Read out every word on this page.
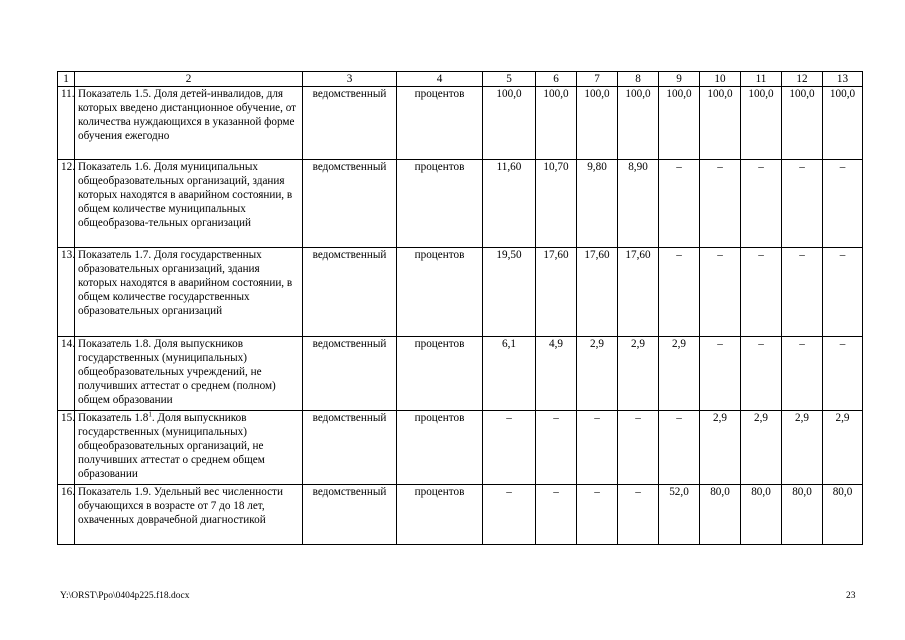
1	2	3	4	5	6	7	8	9	10	11	12	13
11.	Показатель 1.5. Доля детей-инвалидов, для которых введено дистанционное обучение, от количества нуждающихся в указанной форме обучения ежегодно	ведомственный	процентов	100,0	100,0	100,0	100,0	100,0	100,0	100,0	100,0	100,0
12.	Показатель 1.6. Доля муниципальных общеобразовательных организаций, здания которых находятся в аварийном состоянии, в общем количестве муниципальных общеобразова-тельных организаций	ведомственный	процентов	11,60	10,70	9,80	8,90	–	–	–	–	–
13.	Показатель 1.7. Доля государственных образовательных организаций, здания которых находятся в аварийном состоянии, в общем количестве государственных образовательных организаций	ведомственный	процентов	19,50	17,60	17,60	17,60	–	–	–	–	–
14.	Показатель 1.8. Доля выпускников государственных (муниципальных) общеобразовательных учреждений, не получивших аттестат о среднем (полном) общем образовании	ведомственный	процентов	6,1	4,9	2,9	2,9	2,9	–	–	–	–
15.	Показатель $1.8^1$. Доля выпускников государственных (муниципальных) общеобразовательных организаций, не получивших аттестат о среднем общем образовании	ведомственный	процентов	–	–	–	–	–	2,9	2,9	2,9	2,9
16.	Показатель 1.9. Удельный вес численности обучающихся в возрасте от 7 до 18 лет, охваченных доврачебной диагностикой	ведомственный	процентов	–	–	–	–	52,0	80,0	80,0	80,0	80,0
Y:\ORST\Ppo\0404p225.f18.docx	23
